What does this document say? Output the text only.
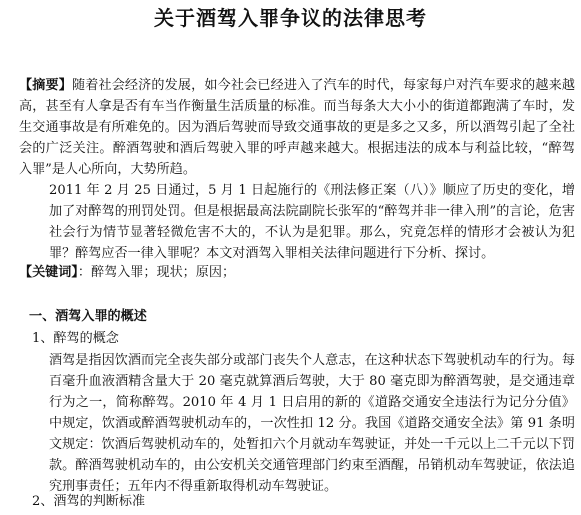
关于酒驾入罪争议的法律思考
【摘要】随着社会经济的发展，如今社会已经进入了汽车的时代，每家每户对汽车要求的越来越高，甚至有人拿是否有车当作衡量生活质量的标准。而当每条大大小小的街道都跑满了车时，发生交通事故是有所难免的。因为酒后驾驶而导致交通事故的更是多之又多，所以酒驾引起了全社会的广泛关注。醉酒驾驶和酒后驾驶入罪的呼声越来越大。根据违法的成本与利益比较，“醉驾入罪”是人心所向，大势所趋。
2011 年 2 月 25 日通过，5 月 1 日起施行的《刑法修正案（八）》顺应了历史的变化，增加了对醉驾的刑罚处罚。但是根据最高法院副院长张军的“醉驾并非一律入刑”的言论，危害社会行为情节显著轻微危害不大的，不认为是犯罪。那么，究竟怎样的情形才会被认为犯罪？醉驾应否一律入罪呢？本文对酒驾入罪相关法律问题进行下分析、探讨。
【关键词】：醉驾入罪；现状；原因；
一、酒驾入罪的概述
1、醉驾的概念
酒驾是指因饮酒而完全丧失部分或部门丧失个人意志，在这种状态下驾驶机动车的行为。每百毫升血液酒精含量大于 20 毫克就算酒后驾驶，大于 80 毫克即为醉酒驾驶，是交通违章行为之一，简称醉驾。2010 年 4 月 1 日启用的新的《道路交通安全违法行为记分分值》中规定，饮酒或醉酒驾驶机动车的，一次性扣 12 分。我国《道路交通安全法》第 91 条明文规定：饮酒后驾驶机动车的，处暂扣六个月就动车驾驶证，并处一千元以上二千元以下罚款。醉酒驾驶机动车的，由公安机关交通管理部门约束至酒醒，吊销机动车驾驶证，依法追究刑事责任；五年内不得重新取得机动车驾驶证。
2、酒驾的判断标准
